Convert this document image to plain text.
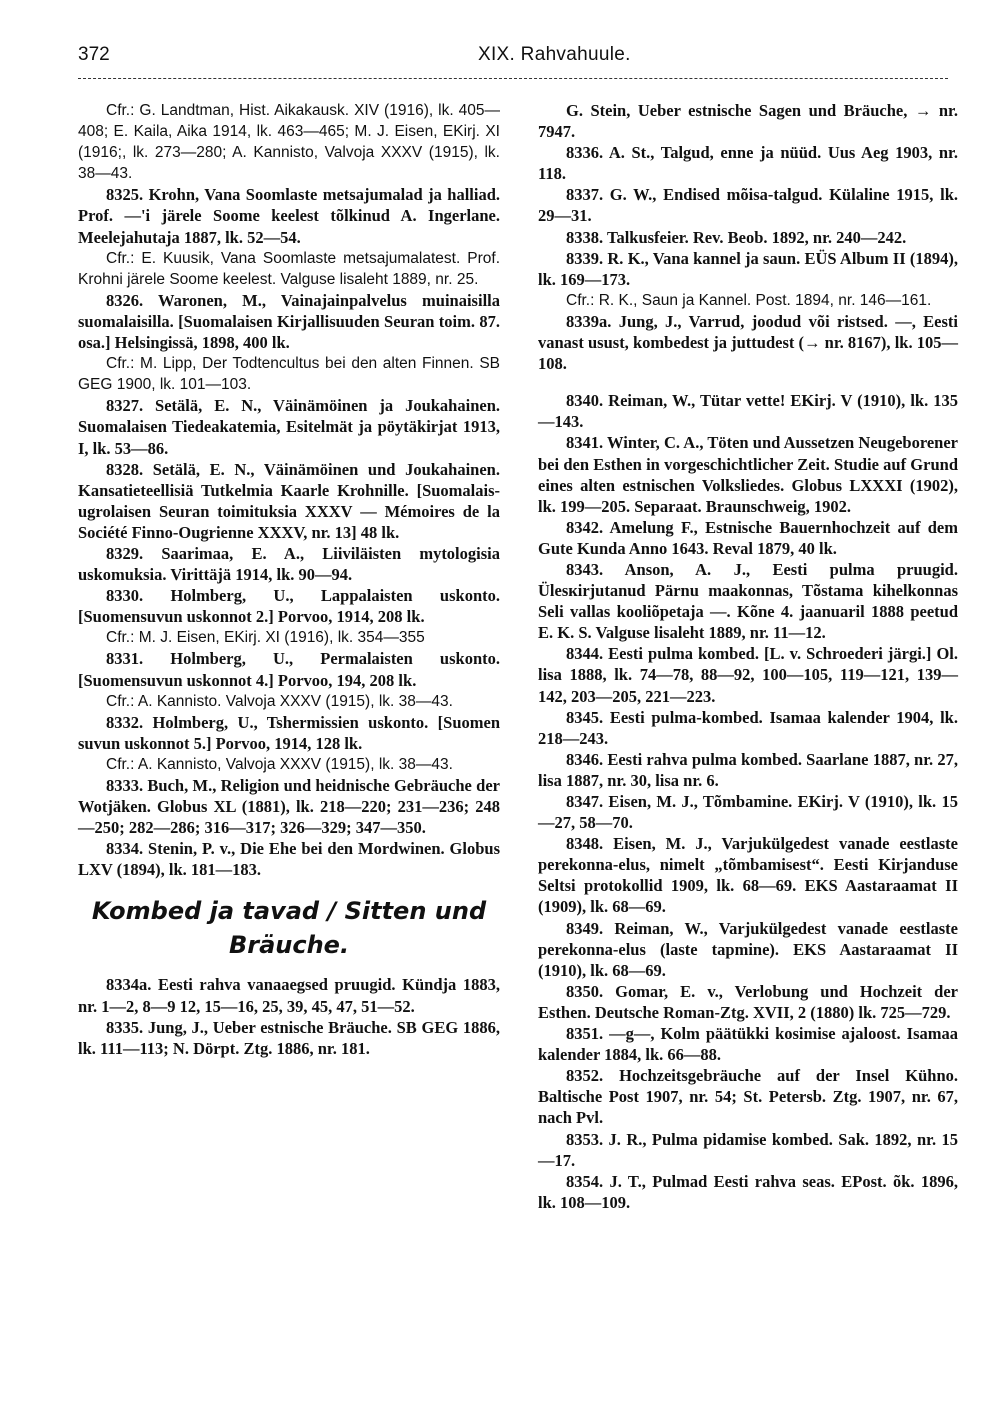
372	XIX. Rahvahuule.

Cfr.: G. Landtman, Hist. Aikakausk. XIV (1916), lk. 405—408; E. Kaila, Aika 1914, lk. 463—465; M. J. Eisen, EKirj. XI (1916;, lk. 273—280; A. Kannisto, Valvoja XXXV (1915), lk. 38—43.

8325. Krohn, Vana Soomlaste metsajumalad ja halliad. Prof. —'i järele Soome keelest tõlkinud A. Ingerlane. Meelejahutaja 1887, lk. 52—54.

Cfr.: E. Kuusik, Vana Soomlaste metsajumalatest. Prof. Krohni järele Soome keelest. Valguse lisaleht 1889, nr. 25.

8326. Waronen, M., Vainajainpalvelus muinaisilla suomalaisilla. [Suomalaisen Kirjallisuuden Seuran toim. 87. osa.] Helsingissä, 1898, 400 lk.

Cfr.: M. Lipp, Der Todtencultus bei den alten Finnen. SB GEG 1900, lk. 101—103.

8327. Setälä, E. N., Väinämöinen ja Joukahainen. Suomalaisen Tiedeakatemia, Esitelmät ja pöytäkirjat 1913, I, lk. 53—86.

8328. Setälä, E. N., Väinämöinen und Joukahainen. Kansatieteellisiä Tutkelmia Kaarle Krohnille. [Suomalais-ugrolaisen Seuran toimituksia XXXV — Mémoires de la Société Finno-Ougrienne XXXV, nr. 13] 48 lk.

8329. Saarimaa, E. A., Liiviläisten mytologisia uskomuksia. Virittäjä 1914, lk. 90—94.

8330. Holmberg, U., Lappalaisten uskonto. [Suomensuvun uskonnot 2.] Porvoo, 1914, 208 lk.

Cfr.: M. J. Eisen, EKirj. XI (1916), lk. 354—355

8331. Holmberg, U., Permalaisten uskonto. [Suomensuvun uskonnot 4.] Porvoo, 194, 208 lk.

Cfr.: A. Kannisto. Valvoja XXXV (1915), lk. 38—43.

8332. Holmberg, U., Tshermissien uskonto. [Suomen suvun uskonnot 5.] Porvoo, 1914, 128 lk.

Cfr.: A. Kannisto, Valvoja XXXV (1915), lk. 38—43.

8333. Buch, M., Religion und heidnische Gebräuche der Wotjäken. Globus XL (1881), lk. 218—220; 231—236; 248—250; 282—286; 316—317; 326—329; 347—350.

8334. Stenin, P. v., Die Ehe bei den Mordwinen. Globus LXV (1894), lk. 181—183.

Kombed ja tavad / Sitten und Bräuche.

8334a. Eesti rahva vanaaegsed pruugid. Kündja 1883, nr. 1—2, 8—9 12, 15—16, 25, 39, 45, 47, 51—52.

8335. Jung, J., Ueber estnische Bräuche. SB GEG 1886, lk. 111—113; N. Dörpt. Ztg. 1886, nr. 181.

G. Stein, Ueber estnische Sagen und Bräuche, → nr. 7947.

8336. A. St., Talgud, enne ja nüüd. Uus Aeg 1903, nr. 118.

8337. G. W., Endised mõisa-talgud. Külaline 1915, lk. 29—31.

8338. Talkusfeier. Rev. Beob. 1892, nr. 240—242.

8339. R. K., Vana kannel ja saun. EÜS Album II (1894), lk. 169—173.

Cfr.: R. K., Saun ja Kannel. Post. 1894, nr. 146—161.

8339a. Jung, J., Varrud, joodud või ristsed. —, Eesti vanast usust, kombedest ja juttudest (→ nr. 8167), lk. 105—108.

8340. Reiman, W., Tütar vette! EKirj. V (1910), lk. 135—143.

8341. Winter, C. A., Töten und Aussetzen Neugeborener bei den Esthen in vorgeschichtlicher Zeit. Studie auf Grund eines alten estnischen Volksliedes. Globus LXXXI (1902), lk. 199—205. Separaat. Braunschweig, 1902.

8342. Amelung F., Estnische Bauernhochzeit auf dem Gute Kunda Anno 1643. Reval 1879, 40 lk.

8343. Anson, A. J., Eesti pulma pruugid. Ülesкirjutanud Pärnu maakonnas, Tõstama kihelkonnas Seli vallas kooliõpetaja —. Kõne 4. jaanuaril 1888 peetud E. K. S. Valguse lisaleht 1889, nr. 11—12.

8344. Eesti pulma kombed. [L. v. Schroederi järgi.] Ol. lisa 1888, lk. 74—78, 88—92, 100—105, 119—121, 139—142, 203—205, 221—223.

8345. Eesti pulma-kombed. Isamaa kalender 1904, lk. 218—243.

8346. Eesti rahva pulma kombed. Saarlane 1887, nr. 27, lisa 1887, nr. 30, lisa nr. 6.

8347. Eisen, M. J., Tõmbamine. EKirj. V (1910), lk. 15—27, 58—70.

8348. Eisen, M. J., Varjukülgedest vanade eestlaste perekonna-elus, nimelt „tõmbamisest“. Eesti Kirjanduse Seltsi protokollid 1909, lk. 68—69. EKS Aastaraamat II (1909), lk. 68—69.

8349. Reiman, W., Varjukülgedest vanade eestlaste perekonna-elus (laste tapmine). EKS Aastaraamat II (1910), lk. 68—69.

8350. Gomar, E. v., Verlobung und Hochzeit der Esthen. Deutsche Roman-Ztg. XVII, 2 (1880) lk. 725—729.

8351. —g—, Kolm päätükki kosimise ajaloost. Isamaa kalender 1884, lk. 66—88.

8352. Hochzeitsgebräuche auf der Insel Kühno. Baltische Post 1907, nr. 54; St. Petersb. Ztg. 1907, nr. 67, nach Pvl.

8353. J. R., Pulma pidamise kombed. Sak. 1892, nr. 15—17.

8354. J. T., Pulmad Eesti rahva seas. EPost. õk. 1896, lk. 108—109.
